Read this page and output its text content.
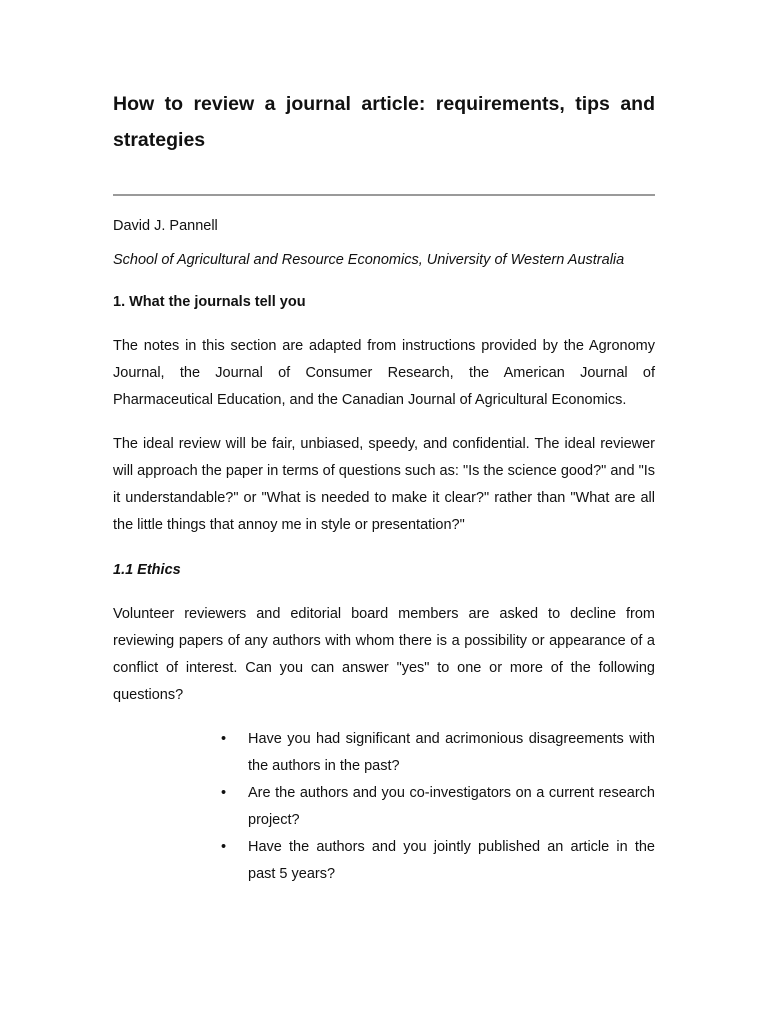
How to review a journal article: requirements, tips and strategies

David J. Pannell

School of Agricultural and Resource Economics, University of Western Australia

1. What the journals tell you

The notes in this section are adapted from instructions provided by the Agronomy Journal, the Journal of Consumer Research, the American Journal of Pharmaceutical Education, and the Canadian Journal of Agricultural Economics.

The ideal review will be fair, unbiased, speedy, and confidential. The ideal reviewer will approach the paper in terms of questions such as: "Is the science good?" and "Is it understandable?" or "What is needed to make it clear?" rather than "What are all the little things that annoy me in style or presentation?"

1.1 Ethics

Volunteer reviewers and editorial board members are asked to decline from reviewing papers of any authors with whom there is a possibility or appearance of a conflict of interest. Can you can answer "yes" to one or more of the following questions?

• Have you had significant and acrimonious disagreements with the authors in the past?
• Are the authors and you co-investigators on a current research project?
• Have the authors and you jointly published an article in the past 5 years?
